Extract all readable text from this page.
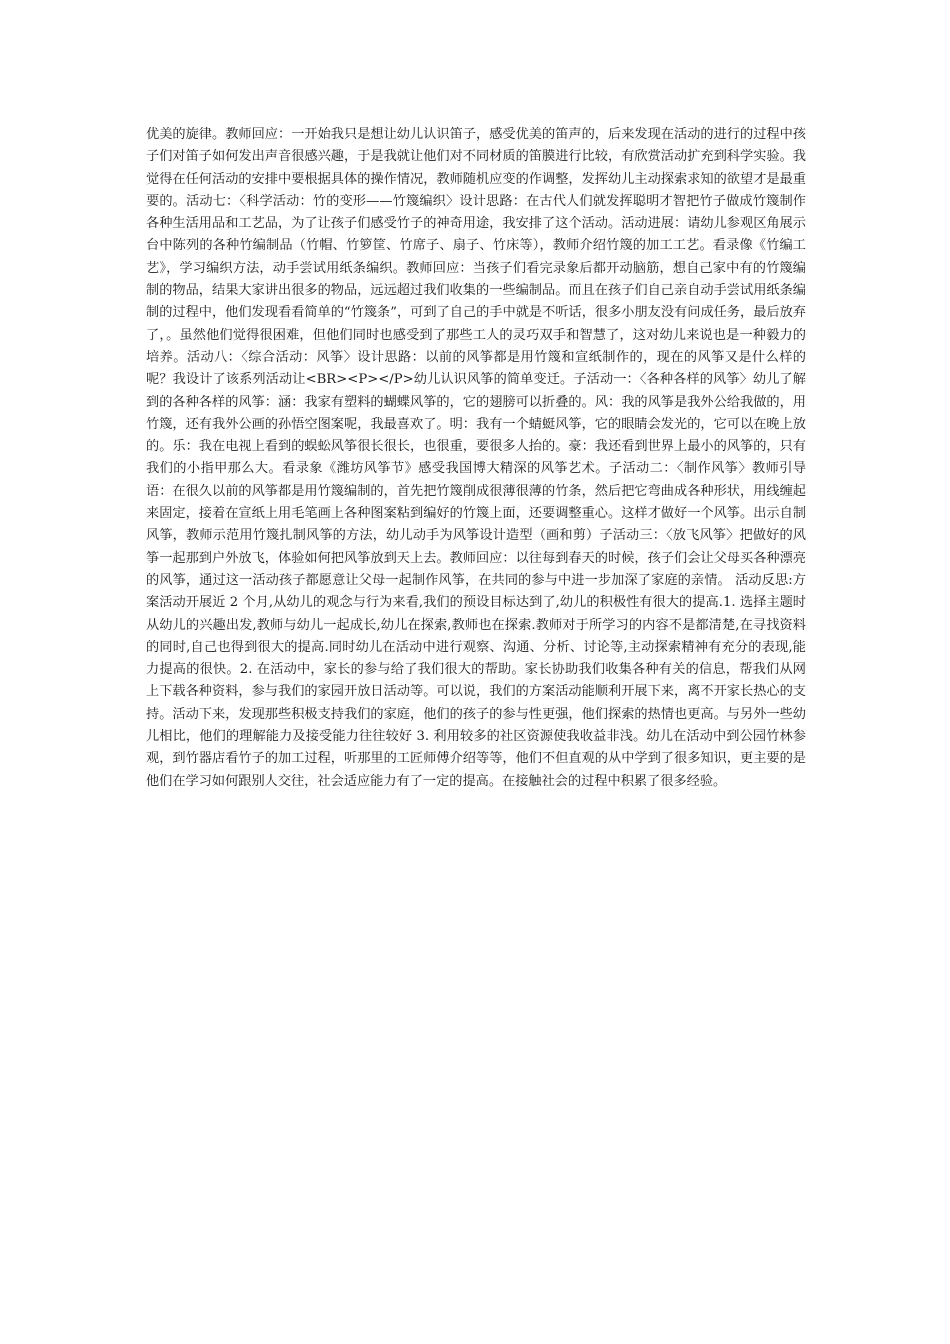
优美的旋律。教师回应：一开始我只是想让幼儿认识笛子，感受优美的笛声的，后来发现在活动的进行的过程中孩子们对笛子如何发出声音很感兴趣，于是我就让他们对不同材质的笛膜进行比较，有欣赏活动扩充到科学实验。我觉得在任何活动的安排中要根据具体的操作情况，教师随机应变的作调整，发挥幼儿主动探索求知的欲望才是最重要的。活动七：〈科学活动：竹的变形——竹篾编织〉设计思路：在古代人们就发挥聪明才智把竹子做成竹篾制作各种生活用品和工艺品，为了让孩子们感受竹子的神奇用途，我安排了这个活动。活动进展：请幼儿参观区角展示台中陈列的各种竹编制品（竹帽、竹箩筐、竹席子、扇子、竹床等），教师介绍竹篾的加工工艺。看录像《竹编工艺》，学习编织方法，动手尝试用纸条编织。教师回应：当孩子们看完录象后都开动脑筋，想自己家中有的竹篾编制的物品，结果大家讲出很多的物品，远远超过我们收集的一些编制品。而且在孩子们自己亲自动手尝试用纸条编制的过程中，他们发现看看简单的“竹篾条”，可到了自己的手中就是不听话，很多小朋友没有问成任务，最后放弃了，。虽然他们觉得很困难，但他们同时也感受到了那些工人的灵巧双手和智慧了，这对幼儿来说也是一种毅力的培养。活动八：〈综合活动：风筝〉设计思路：以前的风筝都是用竹篾和宣纸制作的，现在的风筝又是什么样的呢？我设计了该系列活动让<BR><P></P>幼儿认识风筝的简单变迁。子活动一：〈各种各样的风筝〉幼儿了解到的各种各样的风筝：涵：我家有塑料的蝴蝶风筝的，它的翅膀可以折叠的。风：我的风筝是我外公给我做的，用竹篾，还有我外公画的孙悟空图案呢，我最喜欢了。明：我有一个蜻蜓风筝，它的眼睛会发光的，它可以在晚上放的。乐：我在电视上看到的蜈蚣风筝很长很长，也很重，要很多人抬的。豪：我还看到世界上最小的风筝的，只有我们的小指甲那么大。看录象《潍坊风筝节》感受我国博大精深的风筝艺术。子活动二：〈制作风筝〉教师引导语：在很久以前的风筝都是用竹篾编制的，首先把竹篾削成很薄很薄的竹条，然后把它弯曲成各种形状，用线缠起来固定，接着在宣纸上用毛笔画上各种图案粘到编好的竹篾上面，还要调整重心。这样才做好一个风筝。出示自制风筝，教师示范用竹篾扎制风筝的方法，幼儿动手为风筝设计造型（画和剪）子活动三：〈放飞风筝〉把做好的风筝一起那到户外放飞，体验如何把风筝放到天上去。教师回应：以往每到春天的时候，孩子们会让父母买各种漂亮的风筝，通过这一活动孩子都愿意让父母一起制作风筝，在共同的参与中进一步加深了家庭的亲情。 活动反思:方案活动开展近 2 个月,从幼儿的观念与行为来看,我们的预设目标达到了,幼儿的积极性有很大的提高.1. 选择主题时从幼儿的兴趣出发,教师与幼儿一起成长,幼儿在探索,教师也在探索.教师对于所学习的内容不是都清楚,在寻找资料的同时,自己也得到很大的提高.同时幼儿在活动中进行观察、沟通、分析、讨论等,主动探索精神有充分的表现,能力提高的很快。2. 在活动中，家长的参与给了我们很大的帮助。家长协助我们收集各种有关的信息，帮我们从网上下载各种资料，参与我们的家园开放日活动等。可以说，我们的方案活动能顺利开展下来，离不开家长热心的支持。活动下来，发现那些积极支持我们的家庭，他们的孩子的参与性更强，他们探索的热情也更高。与另外一些幼儿相比，他们的理解能力及接受能力往往较好 3. 利用较多的社区资源使我收益非浅。幼儿在活动中到公园竹林参观，到竹器店看竹子的加工过程，听那里的工匠师傅介绍等等，他们不但直观的从中学到了很多知识，更主要的是他们在学习如何跟别人交往，社会适应能力有了一定的提高。在接触社会的过程中积累了很多经验。
